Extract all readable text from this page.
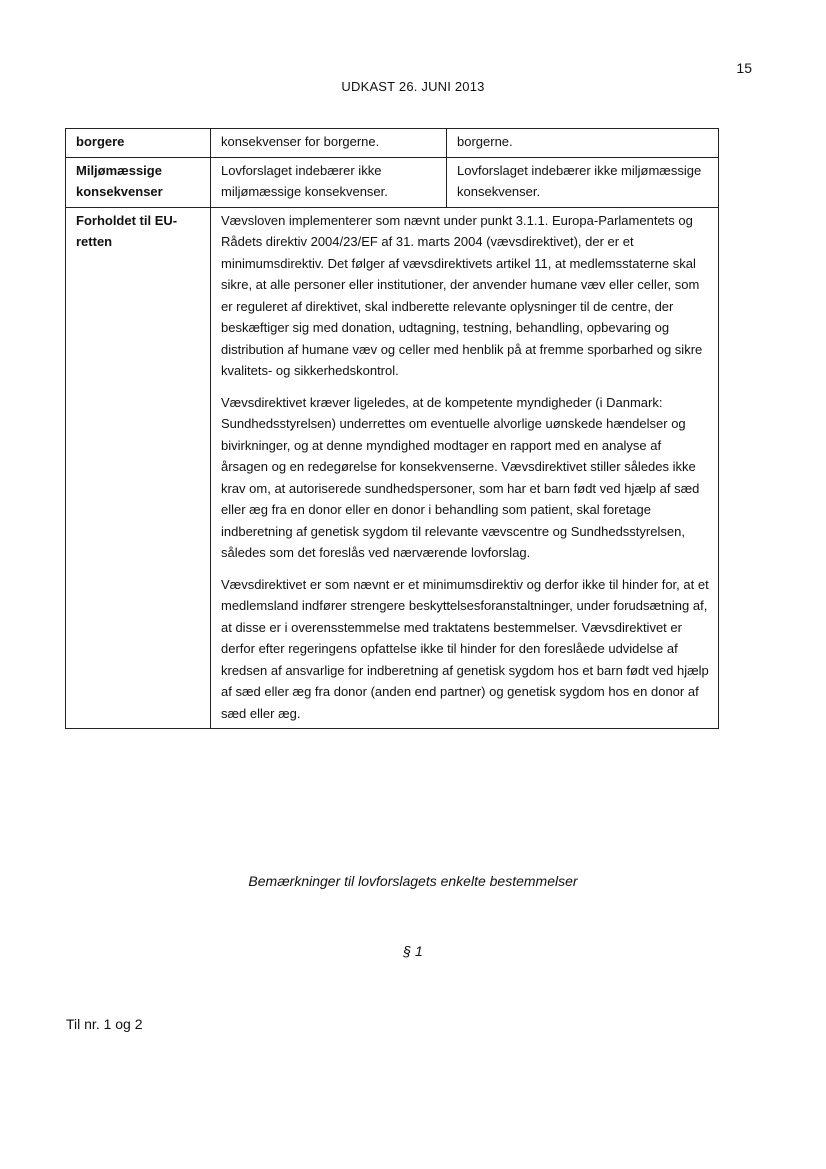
15
UDKAST 26. JUNI 2013
borgere	konsekvenser for borgerne.	borgerne.
Miljømæssige konsekvenser	Lovforslaget indebærer ikke miljømæssige konsekvenser.	Lovforslaget indebærer ikke miljømæssige konsekvenser.
Forholdet til EU-retten	Vævsloven implementerer som nævnt under punkt 3.1.1. Europa-Parlamentets og Rådets direktiv 2004/23/EF af 31. marts 2004 (vævsdirektivet), der er et minimumsdirektiv. Det følger af vævsdirektivets artikel 11, at medlemsstaterne skal sikre, at alle personer eller institutioner, der anvender humane væv eller celler, som er reguleret af direktivet, skal indberette relevante oplysninger til de centre, der beskæftiger sig med donation, udtagning, testning, behandling, opbevaring og distribution af humane væv og celler med henblik på at fremme sporbarhed og sikre kvalitets- og sikkerhedskontrol.

Vævsdirektivet kræver ligeledes, at de kompetente myndigheder (i Danmark: Sundhedsstyrelsen) underrettes om eventuelle alvorlige uønskede hændelser og bivirkninger, og at denne myndighed modtager en rapport med en analyse af årsagen og en redegørelse for konsekvenserne. Vævsdirektivet stiller således ikke krav om, at autoriserede sundhedspersoner, som har et barn født ved hjælp af sæd eller æg fra en donor eller en donor i behandling som patient, skal foretage indberetning af genetisk sygdom til relevante vævscentre og Sundhedsstyrelsen, således som det foreslås ved nærværende lovforslag.

Vævsdirektivet er som nævnt er et minimumsdirektiv og derfor ikke til hinder for, at et medlemsland indfører strengere beskyttelsesforanstaltninger, under forudsætning af, at disse er i overensstemmelse med traktatens bestemmelser. Vævsdirektivet er derfor efter regeringens opfattelse ikke til hinder for den foreslåede udvidelse af kredsen af ansvarlige for indberetning af genetisk sygdom hos et barn født ved hjælp af sæd eller æg fra donor (anden end partner) og genetisk sygdom hos en donor af sæd eller æg.	

Bemærkninger til lovforslagets enkelte bestemmelser
§ 1
Til nr. 1 og 2
